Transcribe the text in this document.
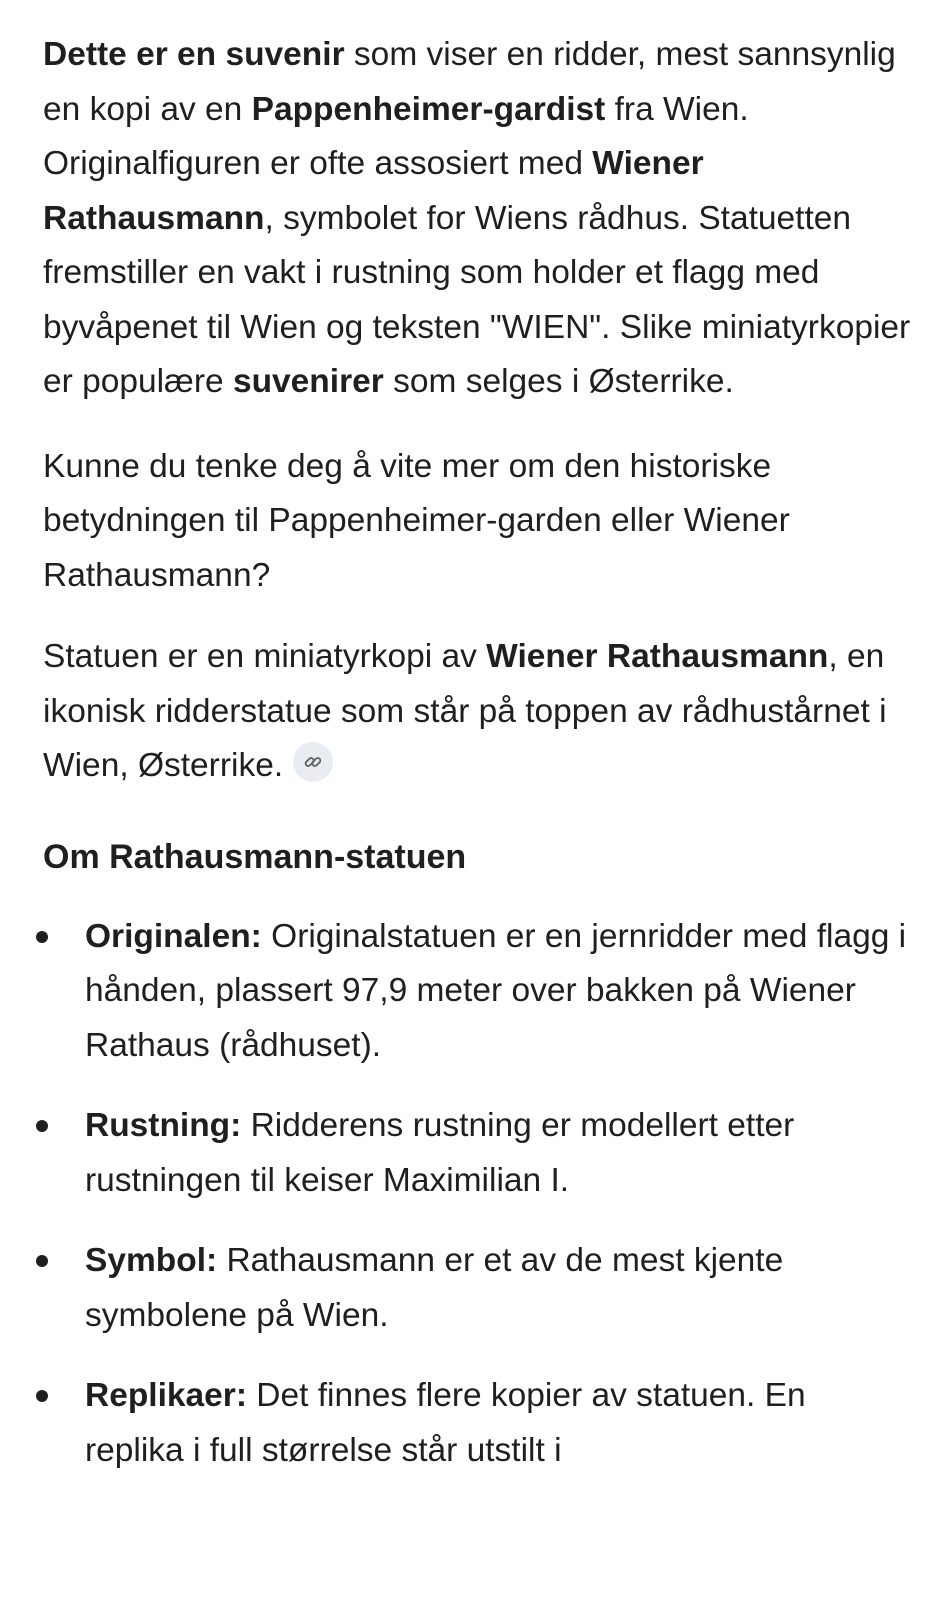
Dette er en suvenir som viser en ridder, mest sannsynlig en kopi av en Pappenheimer-gardist fra Wien. Originalfiguren er ofte assosiert med Wiener Rathausmann, symbolet for Wiens rådhus. Statuetten fremstiller en vakt i rustning som holder et flagg med byvåpenet til Wien og teksten "WIEN". Slike miniatyrkopier er populære suvenirer som selges i Østerrike.

Kunne du tenke deg å vite mer om den historiske betydningen til Pappenheimer-garden eller Wiener Rathausmann?

Statuen er en miniatyrkopi av Wiener Rathausmann, en ikonisk ridderstatue som står på toppen av rådhustårnet i Wien, Østerrike.

Om Rathausmann-statuen
Originalen: Originalstatuen er en jernridder med flagg i hånden, plassert 97,9 meter over bakken på Wiener Rathaus (rådhuset).
Rustning: Ridderens rustning er modellert etter rustningen til keiser Maximilian I.
Symbol: Rathausmann er et av de mest kjente symbolene på Wien.
Replikaer: Det finnes flere kopier av statuen. En replika i full størrelse står utstilt i
